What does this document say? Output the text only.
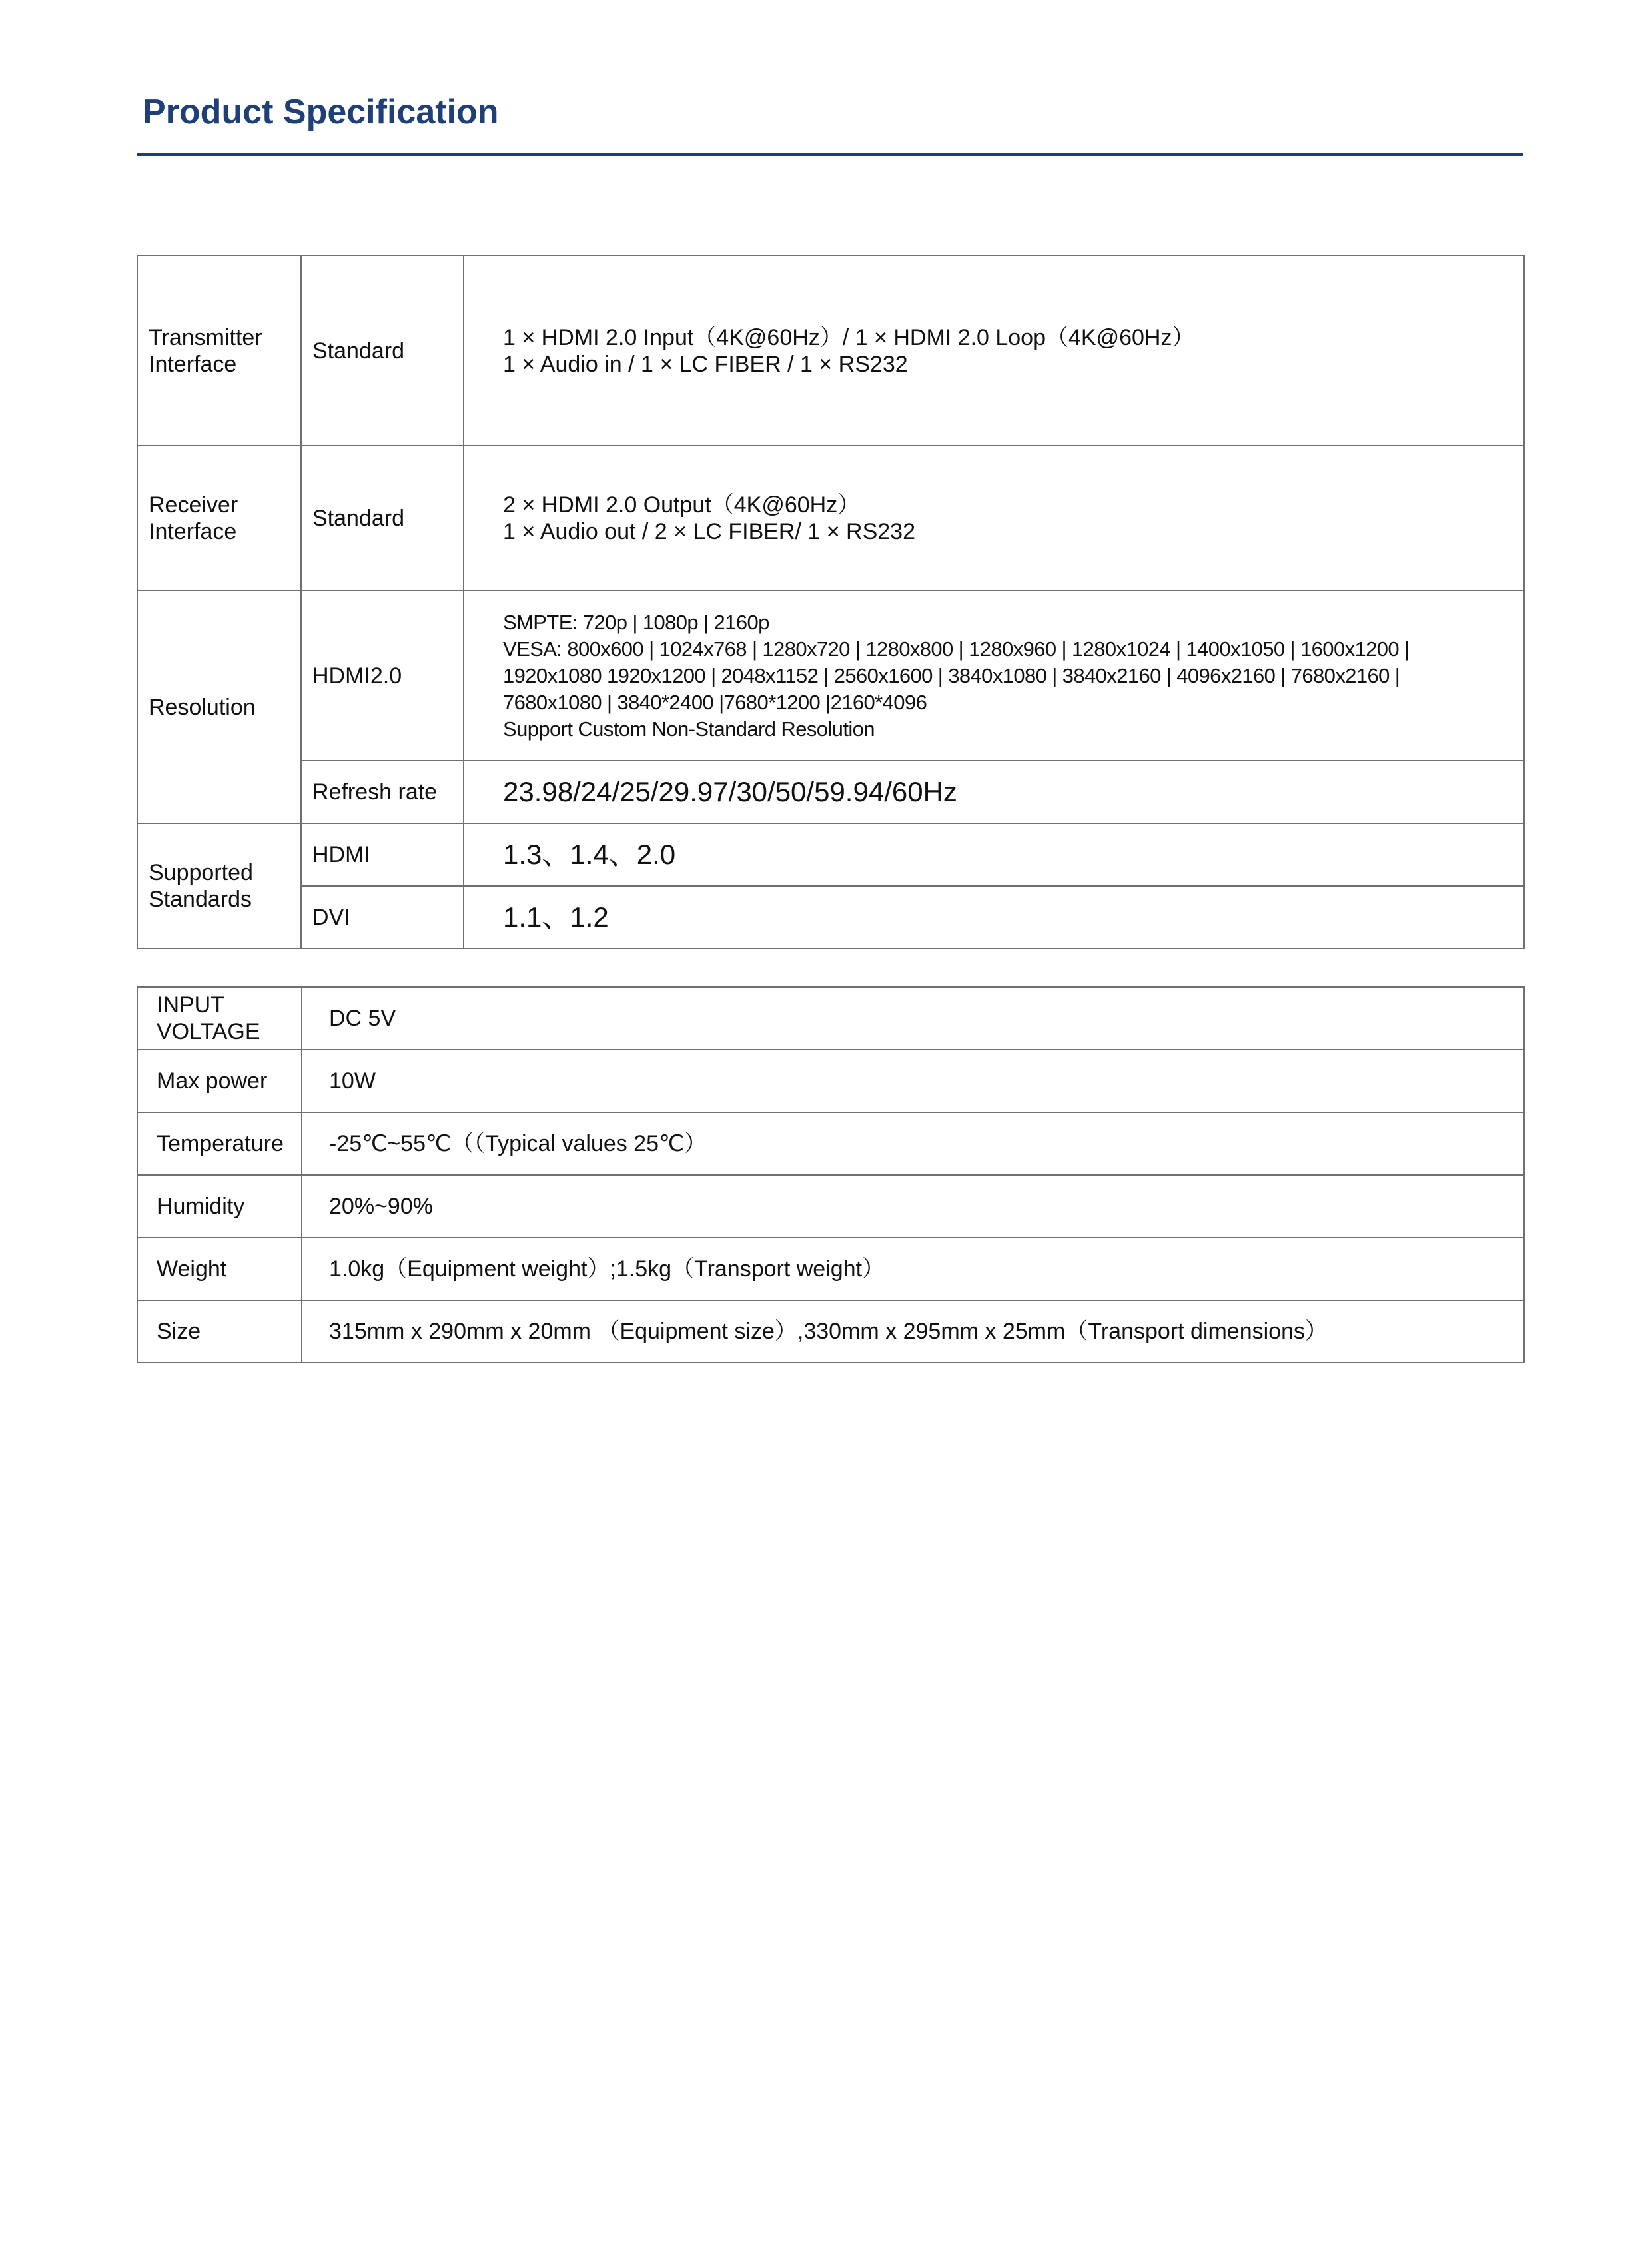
Product Specification
Transmitter
Interface	Standard	1 × HDMI 2.0 Input（4K@60Hz）/ 1 × HDMI 2.0 Loop（4K@60Hz）
1 × Audio in / 1 × LC FIBER / 1 × RS232

Receiver
Interface	Standard	2 × HDMI 2.0 Output（4K@60Hz）
1 × Audio out / 2 × LC FIBER/ 1 × RS232

Resolution	HDMI2.0	SMPTE: 720p | 1080p | 2160p
VESA: 800x600 | 1024x768 | 1280x720 | 1280x800 | 1280x960 | 1280x1024 | 1400x1050 | 1600x1200 |
1920x1080 1920x1200 | 2048x1152 | 2560x1600 | 3840x1080 | 3840x2160 | 4096x2160 | 7680x2160 |
7680x1080 | 3840*2400 |7680*1200 |2160*4096
Support Custom Non-Standard Resolution

	Refresh rate	23.98/24/25/29.97/30/50/59.94/60Hz

Supported
Standards	HDMI	1.3、1.4、2.0
	DVI	1.1、1.2
INPUT
VOLTAGE	DC 5V
Max power	10W
Temperature	-25℃~55℃（（Typical values 25℃）
Humidity	20%~90%
Weight	1.0kg（Equipment weight）;1.5kg（Transport weight）
Size	315mm x 290mm x 20mm （Equipment size）,330mm x 295mm x 25mm（Transport dimensions）
